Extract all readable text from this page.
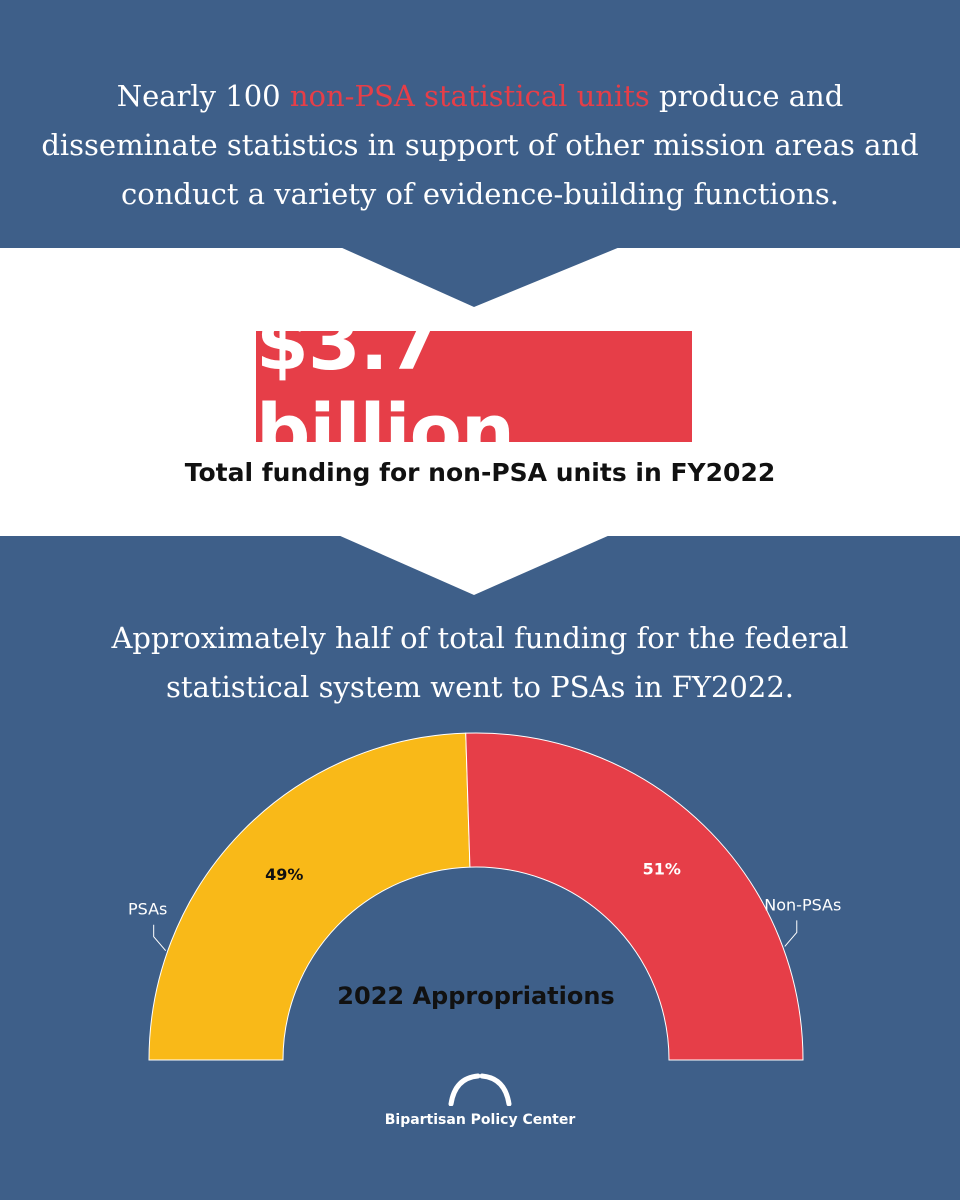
Nearly 100 non-PSA statistical units produce and disseminate statistics in support of other mission areas and conduct a variety of evidence-building functions.
$3.7 billion
Total funding for non-PSA units in FY2022
Approximately half of total funding for the federal statistical system went to PSAs in FY2022.
PSAs	Non-PSAs
49%	51%
2022 Appropriations
Bipartisan Policy Center
